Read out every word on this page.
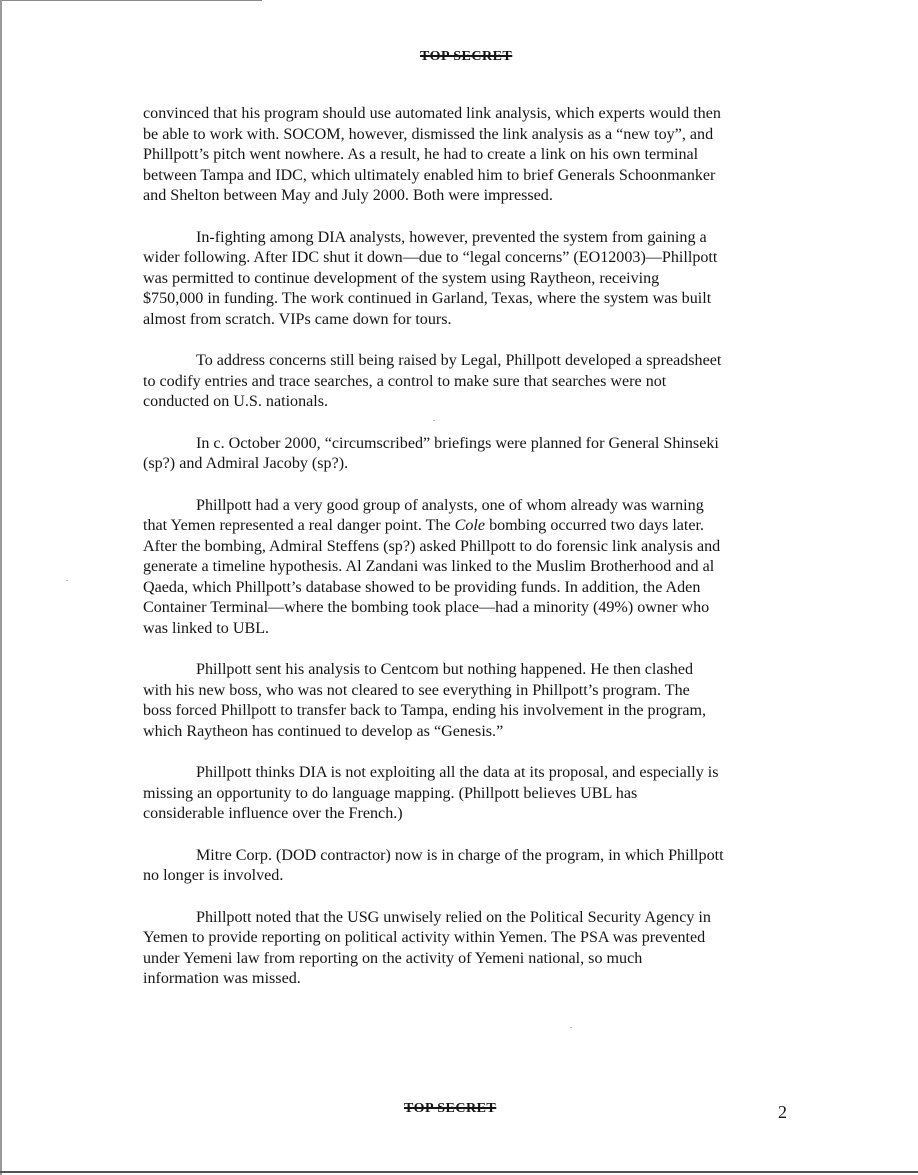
TOP SECRET

convinced that his program should use automated link analysis, which experts would then
be able to work with. SOCOM, however, dismissed the link analysis as a “new toy”, and
Phillpott’s pitch went nowhere. As a result, he had to create a link on his own terminal
between Tampa and IDC, which ultimately enabled him to brief Generals Schoonmanker
and Shelton between May and July 2000. Both were impressed.

In-fighting among DIA analysts, however, prevented the system from gaining a
wider following. After IDC shut it down—due to “legal concerns” (EO12003)—Phillpott
was permitted to continue development of the system using Raytheon, receiving
$750,000 in funding. The work continued in Garland, Texas, where the system was built
almost from scratch. VIPs came down for tours.

To address concerns still being raised by Legal, Phillpott developed a spreadsheet
to codify entries and trace searches, a control to make sure that searches were not
conducted on U.S. nationals.

In c. October 2000, “circumscribed” briefings were planned for General Shinseki
(sp?) and Admiral Jacoby (sp?).

Phillpott had a very good group of analysts, one of whom already was warning
that Yemen represented a real danger point. The Cole bombing occurred two days later.
After the bombing, Admiral Steffens (sp?) asked Phillpott to do forensic link analysis and
generate a timeline hypothesis. Al Zandani was linked to the Muslim Brotherhood and al
Qaeda, which Phillpott’s database showed to be providing funds. In addition, the Aden
Container Terminal—where the bombing took place—had a minority (49%) owner who
was linked to UBL.

Phillpott sent his analysis to Centcom but nothing happened. He then clashed
with his new boss, who was not cleared to see everything in Phillpott’s program. The
boss forced Phillpott to transfer back to Tampa, ending his involvement in the program,
which Raytheon has continued to develop as “Genesis.”

Phillpott thinks DIA is not exploiting all the data at its proposal, and especially is
missing an opportunity to do language mapping. (Phillpott believes UBL has
considerable influence over the French.)

Mitre Corp. (DOD contractor) now is in charge of the program, in which Phillpott
no longer is involved.

Phillpott noted that the USG unwisely relied on the Political Security Agency in
Yemen to provide reporting on political activity within Yemen. The PSA was prevented
under Yemeni law from reporting on the activity of Yemeni national, so much
information was missed.

TOP SECRET	2
